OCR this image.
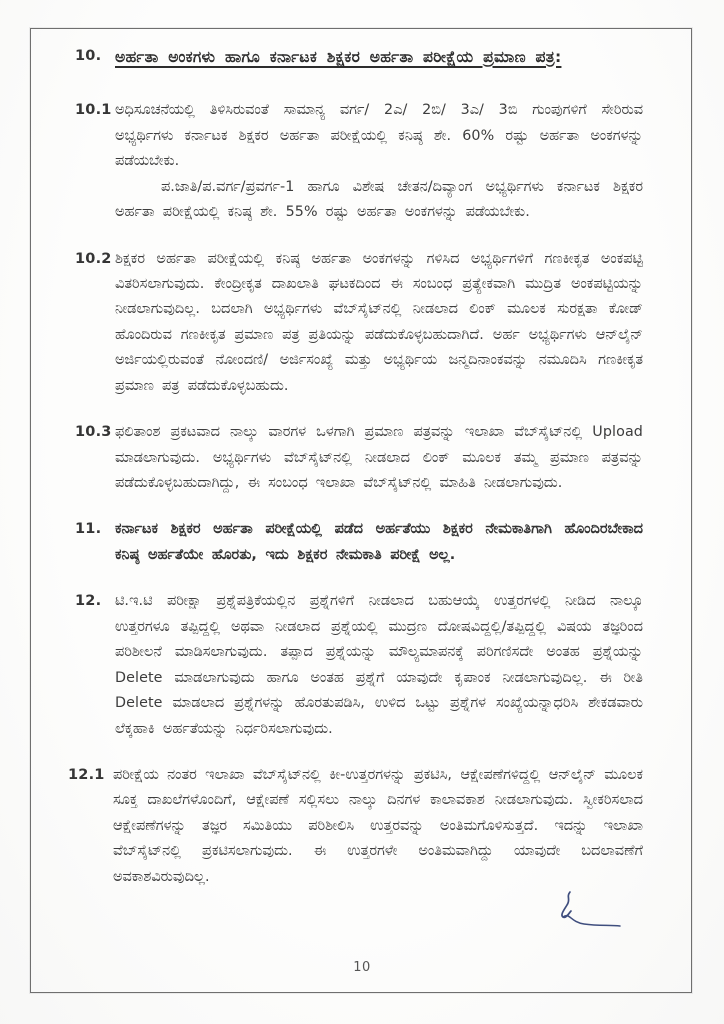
10. ಅರ್ಹತಾ ಅಂಕಗಳು ಹಾಗೂ ಕರ್ನಾಟಕ ಶಿಕ್ಷಕರ ಅರ್ಹತಾ ಪರೀಕ್ಷೆಯ ಪ್ರಮಾಣ ಪತ್ರ:
10.1 ಅಧಿಸೂಚನೆಯಲ್ಲಿ ತಿಳಿಸಿರುವಂತೆ ಸಾಮಾನ್ಯ ವರ್ಗ/ 2ಎ/ 2ಬಿ/ 3ಎ/ 3ಬಿ ಗುಂಪುಗಳಿಗೆ ಸೇರಿರುವ ಅಭ್ಯರ್ಥಿಗಳು ಕರ್ನಾಟಕ ಶಿಕ್ಷಕರ ಅರ್ಹತಾ ಪರೀಕ್ಷೆಯಲ್ಲಿ ಕನಿಷ್ಠ ಶೇ. 60% ರಷ್ಟು ಅರ್ಹತಾ ಅಂಕಗಳನ್ನು ಪಡೆಯಬೇಕು.

ಪ.ಜಾತಿ/ಪ.ವರ್ಗ/ಪ್ರವರ್ಗ-1 ಹಾಗೂ ವಿಶೇಷ ಚೇತನ/ದಿವ್ಯಾಂಗ ಅಭ್ಯರ್ಥಿಗಳು ಕರ್ನಾಟಕ ಶಿಕ್ಷಕರ ಅರ್ಹತಾ ಪರೀಕ್ಷೆಯಲ್ಲಿ ಕನಿಷ್ಠ ಶೇ. 55% ರಷ್ಟು ಅರ್ಹತಾ ಅಂಕಗಳನ್ನು ಪಡೆಯಬೇಕು.

10.2 ಶಿಕ್ಷಕರ ಅರ್ಹತಾ ಪರೀಕ್ಷೆಯಲ್ಲಿ ಕನಿಷ್ಠ ಅರ್ಹತಾ ಅಂಕಗಳನ್ನು ಗಳಿಸಿದ ಅಭ್ಯರ್ಥಿಗಳಿಗೆ ಗಣಕೀಕೃತ ಅಂಕಪಟ್ಟಿ ವಿತರಿಸಲಾಗುವುದು. ಕೇಂದ್ರೀಕೃತ ದಾಖಲಾತಿ ಘಟಕದಿಂದ ಈ ಸಂಬಂಧ ಪ್ರತ್ಯೇಕವಾಗಿ ಮುದ್ರಿತ ಅಂಕಪಟ್ಟಿಯನ್ನು ನೀಡಲಾಗುವುದಿಲ್ಲ. ಬದಲಾಗಿ ಅಭ್ಯರ್ಥಿಗಳು ವೆಬ್‌ಸೈಟ್‌ನಲ್ಲಿ ನೀಡಲಾದ ಲಿಂಕ್ ಮೂಲಕ ಸುರಕ್ಷತಾ ಕೋಡ್ ಹೊಂದಿರುವ ಗಣಕೀಕೃತ ಪ್ರಮಾಣ ಪತ್ರ ಪ್ರತಿಯನ್ನು ಪಡೆದುಕೊಳ್ಳಬಹುದಾಗಿದೆ. ಅರ್ಹ ಅಭ್ಯರ್ಥಿಗಳು ಆನ್‌ಲೈನ್ ಅರ್ಜಿಯಲ್ಲಿರುವಂತೆ ನೋಂದಣಿ/ ಅರ್ಜಿಸಂಖ್ಯೆ ಮತ್ತು ಅಭ್ಯರ್ಥಿಯ ಜನ್ಮದಿನಾಂಕವನ್ನು ನಮೂದಿಸಿ ಗಣಕೀಕೃತ ಪ್ರಮಾಣ ಪತ್ರ ಪಡೆದುಕೊಳ್ಳಬಹುದು.

10.3 ಫಲಿತಾಂಶ ಪ್ರಕಟವಾದ ನಾಲ್ಕು ವಾರಗಳ ಒಳಗಾಗಿ ಪ್ರಮಾಣ ಪತ್ರವನ್ನು ಇಲಾಖಾ ವೆಬ್‌ಸೈಟ್‌ನಲ್ಲಿ Upload ಮಾಡಲಾಗುವುದು. ಅಭ್ಯರ್ಥಿಗಳು ವೆಬ್‌ಸೈಟ್‌ನಲ್ಲಿ ನೀಡಲಾದ ಲಿಂಕ್ ಮೂಲಕ ತಮ್ಮ ಪ್ರಮಾಣ ಪತ್ರವನ್ನು ಪಡೆದುಕೊಳ್ಳಬಹುದಾಗಿದ್ದು, ಈ ಸಂಬಂಧ ಇಲಾಖಾ ವೆಬ್‌ಸೈಟ್‌ನಲ್ಲಿ ಮಾಹಿತಿ ನೀಡಲಾಗುವುದು.

11. ಕರ್ನಾಟಕ ಶಿಕ್ಷಕರ ಅರ್ಹತಾ ಪರೀಕ್ಷೆಯಲ್ಲಿ ಪಡೆದ ಅರ್ಹತೆಯು ಶಿಕ್ಷಕರ ನೇಮಕಾತಿಗಾಗಿ ಹೊಂದಿರಬೇಕಾದ ಕನಿಷ್ಠ ಅರ್ಹತೆಯೇ ಹೊರತು, ಇದು ಶಿಕ್ಷಕರ ನೇಮಕಾತಿ ಪರೀಕ್ಷೆ ಅಲ್ಲ.

12. ಟಿ.ಇ.ಟಿ ಪರೀಕ್ಷಾ ಪ್ರಶ್ನೆಪತ್ರಿಕೆಯಲ್ಲಿನ ಪ್ರಶ್ನೆಗಳಿಗೆ ನೀಡಲಾದ ಬಹುಆಯ್ಕೆ ಉತ್ತರಗಳಲ್ಲಿ ನೀಡಿದ ನಾಲ್ಕೂ ಉತ್ತರಗಳೂ ತಪ್ಪಿದ್ದಲ್ಲಿ ಅಥವಾ ನೀಡಲಾದ ಪ್ರಶ್ನೆಯಲ್ಲಿ ಮುದ್ರಣ ದೋಷವಿದ್ದಲ್ಲಿ/ತಪ್ಪಿದ್ದಲ್ಲಿ ವಿಷಯ ತಜ್ಞರಿಂದ ಪರಿಶೀಲನೆ ಮಾಡಿಸಲಾಗುವುದು. ತಪ್ಪಾದ ಪ್ರಶ್ನೆಯನ್ನು ಮೌಲ್ಯಮಾಪನಕ್ಕೆ ಪರಿಗಣಿಸದೇ ಅಂತಹ ಪ್ರಶ್ನೆಯನ್ನು Delete ಮಾಡಲಾಗುವುದು ಹಾಗೂ ಅಂತಹ ಪ್ರಶ್ನೆಗೆ ಯಾವುದೇ ಕೃಪಾಂಕ ನೀಡಲಾಗುವುದಿಲ್ಲ. ಈ ರೀತಿ Delete ಮಾಡಲಾದ ಪ್ರಶ್ನೆಗಳನ್ನು ಹೊರತುಪಡಿಸಿ, ಉಳಿದ ಒಟ್ಟು ಪ್ರಶ್ನೆಗಳ ಸಂಖ್ಯೆಯನ್ನಾಧರಿಸಿ ಶೇಕಡವಾರು ಲೆಕ್ಕಹಾಕಿ ಅರ್ಹತೆಯನ್ನು ನಿರ್ಧರಿಸಲಾಗುವುದು.

12.1 ಪರೀಕ್ಷೆಯ ನಂತರ ಇಲಾಖಾ ವೆಬ್‌ಸೈಟ್‌ನಲ್ಲಿ ಕೀ-ಉತ್ತರಗಳನ್ನು ಪ್ರಕಟಿಸಿ, ಆಕ್ಷೇಪಣೆಗಳಿದ್ದಲ್ಲಿ ಆನ್‌ಲೈನ್ ಮೂಲಕ ಸೂಕ್ತ ದಾಖಲೆಗಳೊಂದಿಗೆ, ಆಕ್ಷೇಪಣೆ ಸಲ್ಲಿಸಲು ನಾಲ್ಕು ದಿನಗಳ ಕಾಲಾವಕಾಶ ನೀಡಲಾಗುವುದು. ಸ್ವೀಕರಿಸಲಾದ ಆಕ್ಷೇಪಣೆಗಳನ್ನು ತಜ್ಞರ ಸಮಿತಿಯು ಪರಿಶೀಲಿಸಿ ಉತ್ತರವನ್ನು ಅಂತಿಮಗೊಳಿಸುತ್ತದೆ. ಇದನ್ನು ಇಲಾಖಾ ವೆಬ್‌ಸೈಟ್‌ನಲ್ಲಿ ಪ್ರಕಟಿಸಲಾಗುವುದು. ಈ ಉತ್ತರಗಳೇ ಅಂತಿಮವಾಗಿದ್ದು ಯಾವುದೇ ಬದಲಾವಣೆಗೆ ಅವಕಾಶವಿರುವುದಿಲ್ಲ.

10
